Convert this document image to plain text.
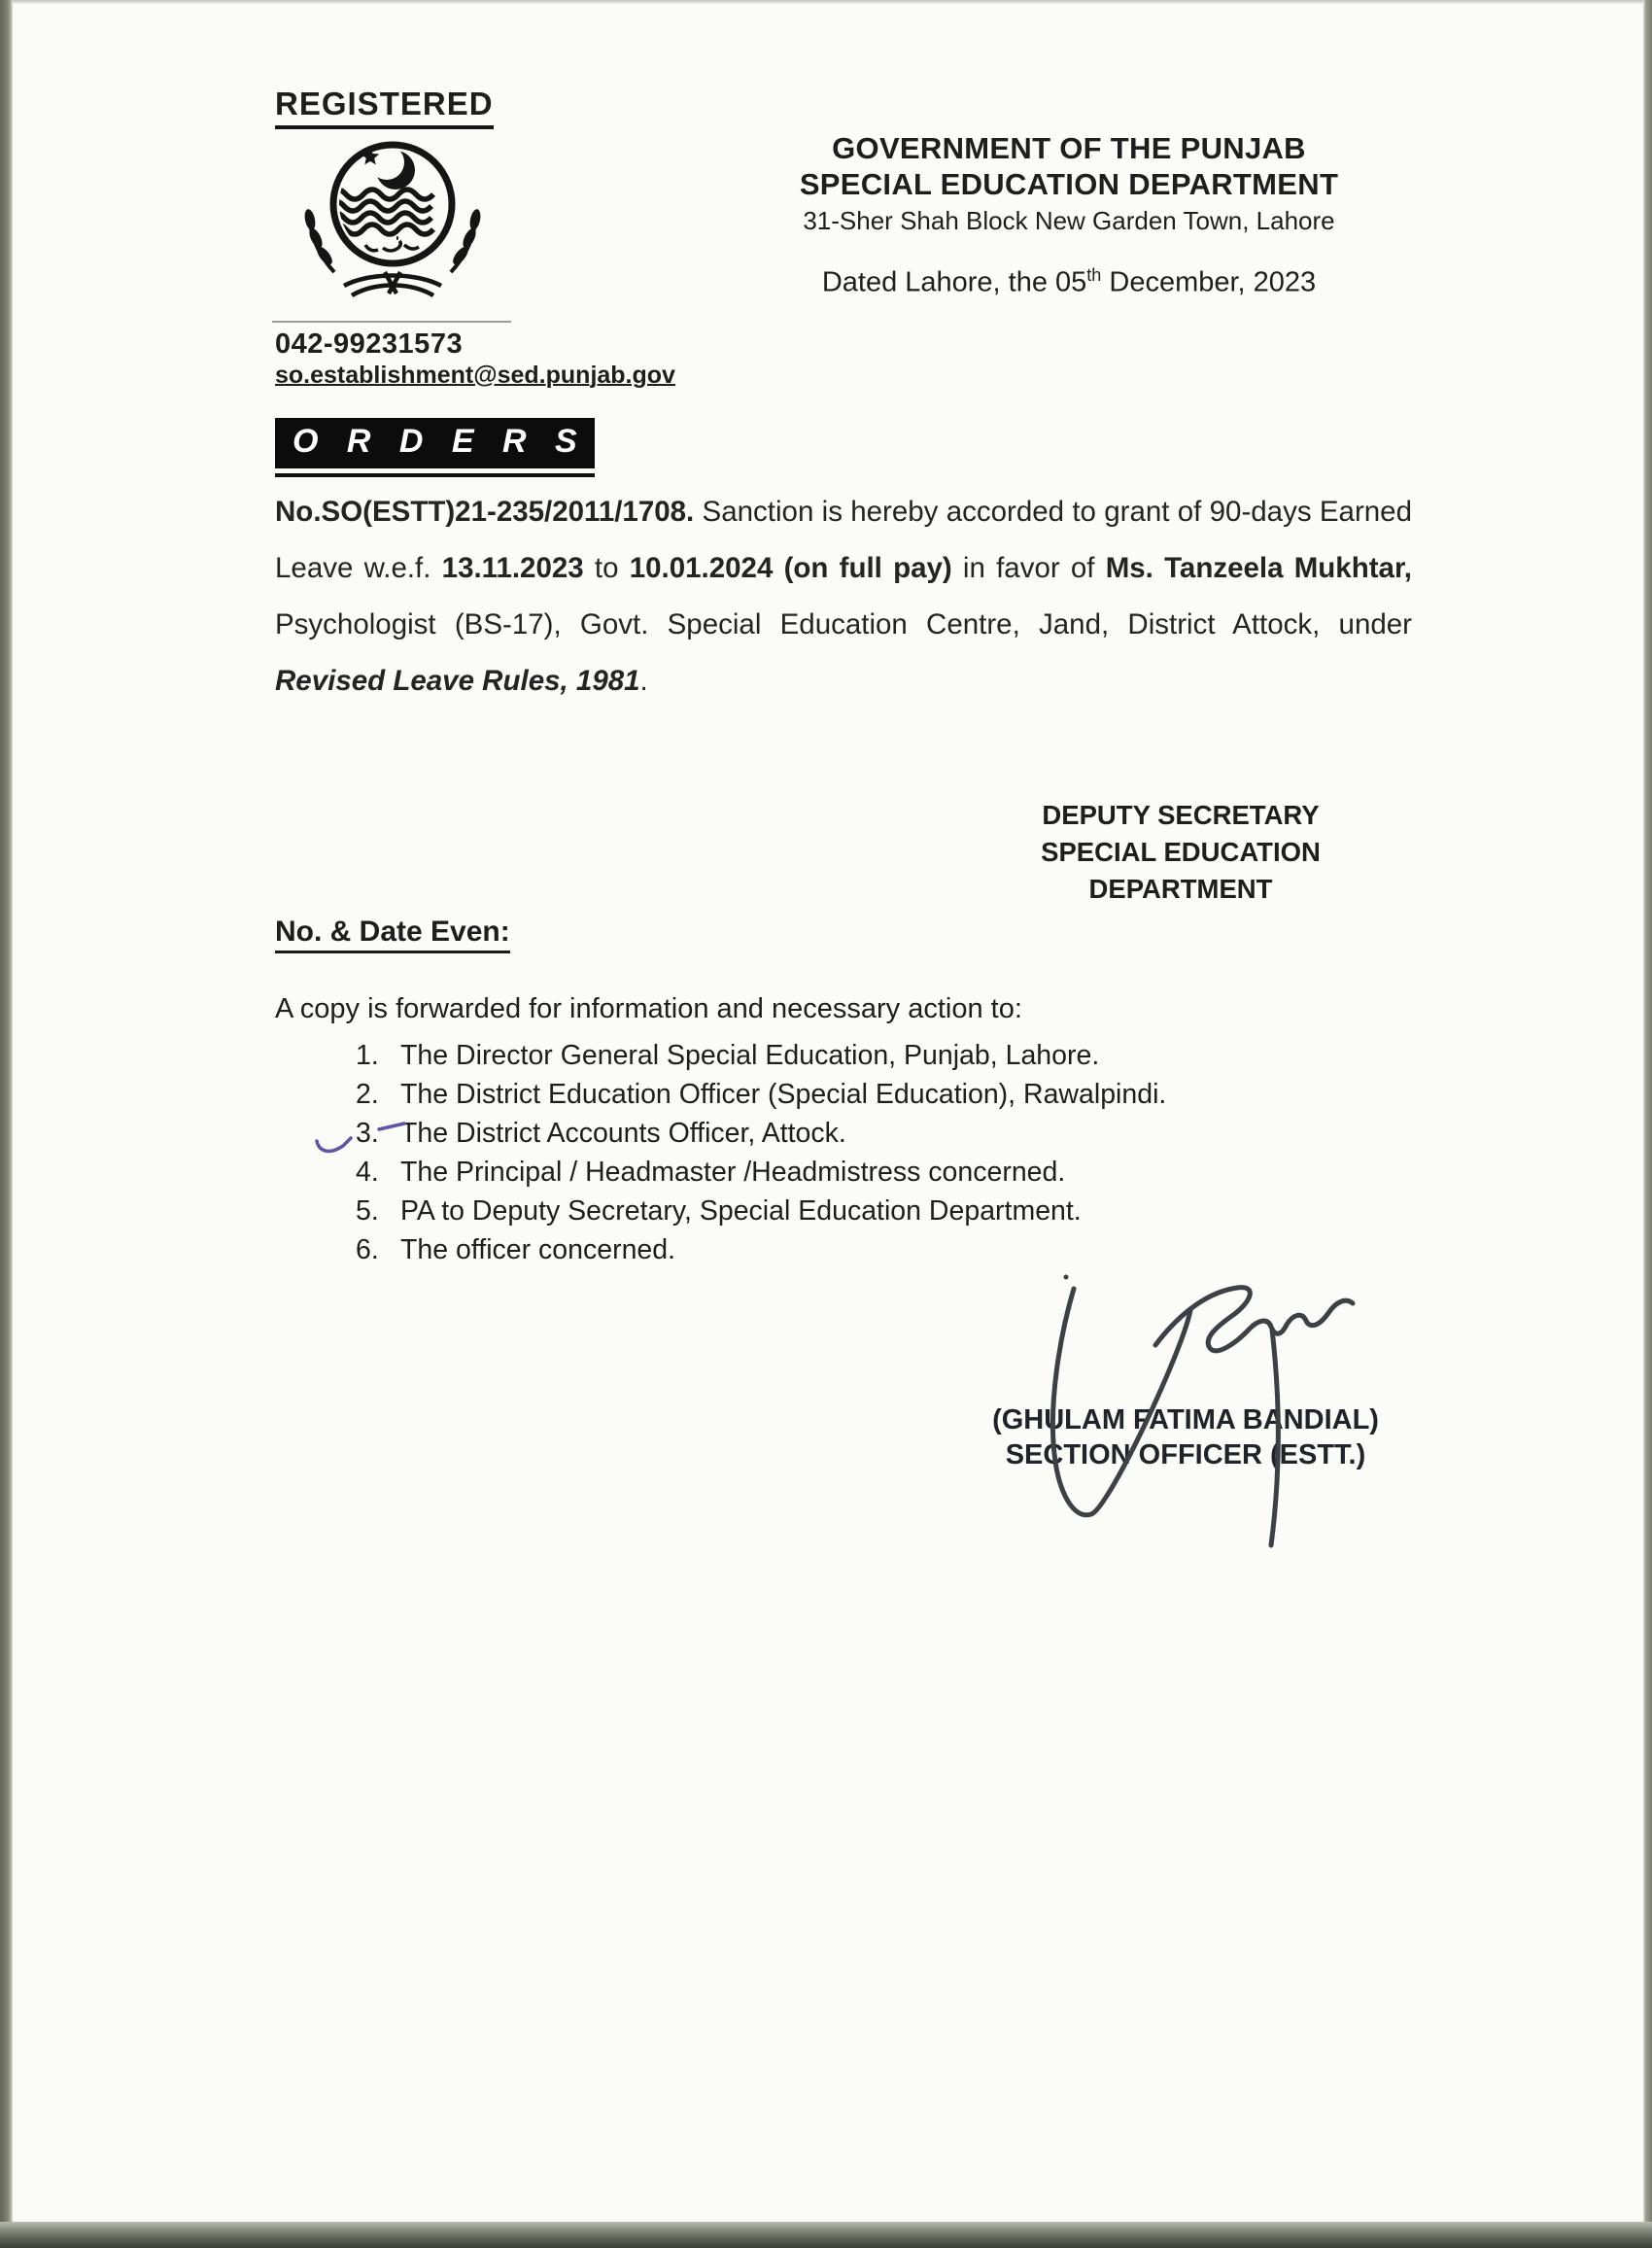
REGISTERED
042-99231573
so.establishment@sed.punjab.gov
GOVERNMENT OF THE PUNJAB
SPECIAL EDUCATION DEPARTMENT
31-Sher Shah Block New Garden Town, Lahore
Dated Lahore, the 05th December, 2023
O R D E R S
No.SO(ESTT)21-235/2011/1708. Sanction is hereby accorded to grant of 90-days Earned Leave w.e.f. 13.11.2023 to 10.01.2024 (on full pay) in favor of Ms. Tanzeela Mukhtar, Psychologist (BS-17), Govt. Special Education Centre, Jand, District Attock, under Revised Leave Rules, 1981.
DEPUTY SECRETARY
SPECIAL EDUCATION
DEPARTMENT
No. & Date Even:
A copy is forwarded for information and necessary action to:
1. The Director General Special Education, Punjab, Lahore.
2. The District Education Officer (Special Education), Rawalpindi.
3. The District Accounts Officer, Attock.
4. The Principal / Headmaster /Headmistress concerned.
5. PA to Deputy Secretary, Special Education Department.
6. The officer concerned.
(GHULAM FATIMA BANDIAL)
SECTION OFFICER (ESTT.)
